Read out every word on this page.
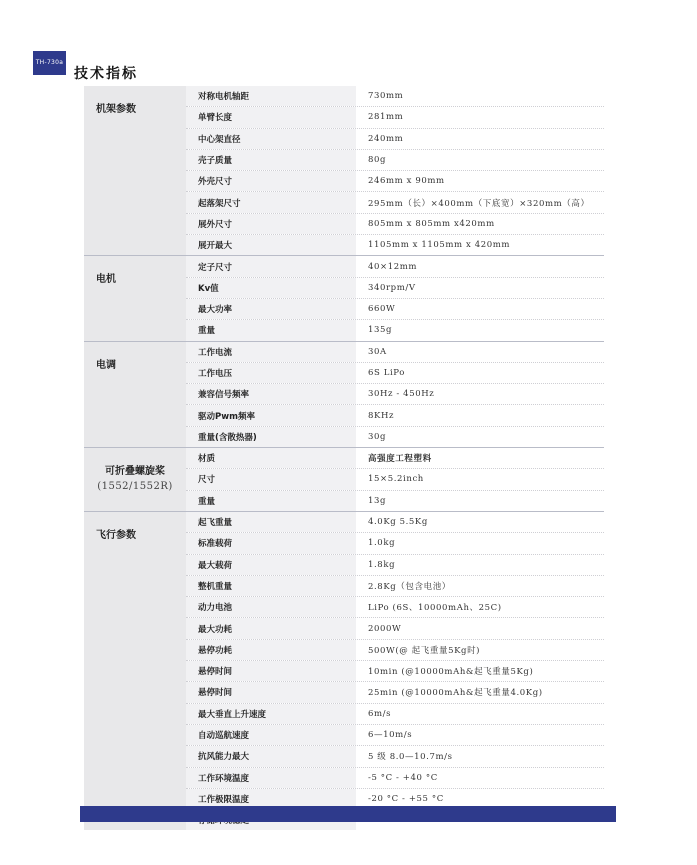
TH-730a
技术指标
机架参数
对称电机轴距	730mm
单臂长度	281mm
中心架直径	240mm
壳子质量	80g
外壳尺寸	246mm x 90mm
起落架尺寸	295mm（长）×400mm（下底宽）×320mm（高）
展外尺寸	805mm x 805mm x420mm
展开最大	1105mm x 1105mm x 420mm
电机
定子尺寸	40×12mm
Kv值	340rpm/V
最大功率	660W
重量	135g
电调
工作电流	30A
工作电压	6S LiPo
兼容信号频率	30Hz - 450Hz
驱动Pwm频率	8KHz
重量(含散热器)	30g
可折叠螺旋桨
(1552/1552R)
材质	高强度工程塑料
尺寸	15×5.2inch
重量	13g
飞行参数
起飞重量	4.0Kg 5.5Kg
标准载荷	1.0kg
最大载荷	1.8kg
整机重量	2.8Kg（包含电池）
动力电池	LiPo (6S、10000mAh、25C)
最大功耗	2000W
悬停功耗	500W(@ 起飞重量5Kg时)
悬停时间	10min (@10000mAh&起飞重量5Kg)
悬停时间	25min (@10000mAh&起飞重量4.0Kg)
最大垂直上升速度	6m/s
自动巡航速度	6—10m/s
抗风能力最大	5 级 8.0—10.7m/s
工作环境温度	-5 °C - +40 °C
工作极限温度	-20 °C - +55 °C
